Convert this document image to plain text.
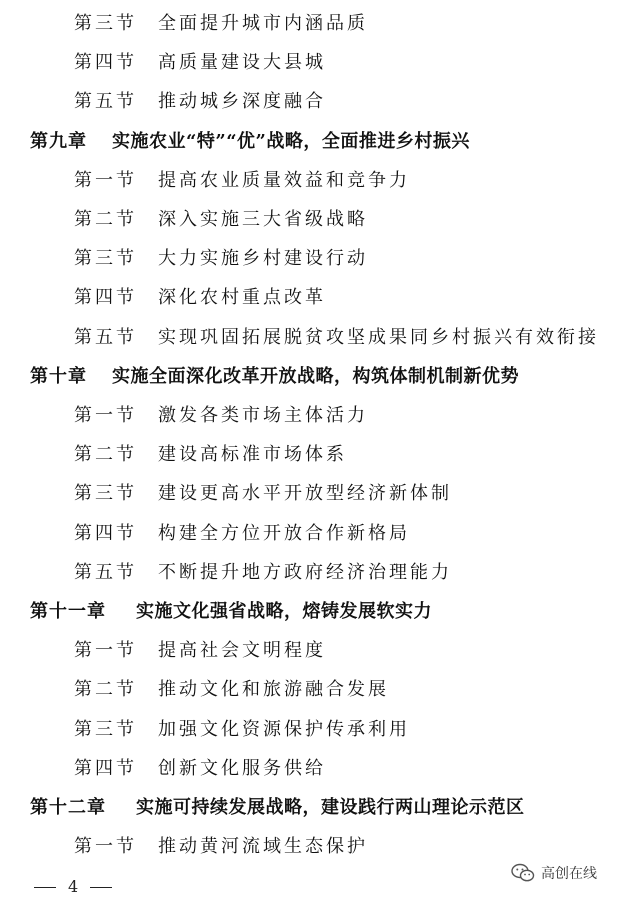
第三节 全面提升城市内涵品质
第四节 高质量建设大县城
第五节 推动城乡深度融合
第九章 实施农业“特”“优”战略，全面推进乡村振兴
第一节 提高农业质量效益和竞争力
第二节 深入实施三大省级战略
第三节 大力实施乡村建设行动
第四节 深化农村重点改革
第五节 实现巩固拓展脱贫攻坚成果同乡村振兴有效衔接
第十章 实施全面深化改革开放战略，构筑体制机制新优势
第一节 激发各类市场主体活力
第二节 建设高标准市场体系
第三节 建设更高水平开放型经济新体制
第四节 构建全方位开放合作新格局
第五节 不断提升地方政府经济治理能力
第十一章 实施文化强省战略，熔铸发展软实力
第一节 提高社会文明程度
第二节 推动文化和旅游融合发展
第三节 加强文化资源保护传承利用
第四节 创新文化服务供给
第十二章 实施可持续发展战略，建设践行两山理论示范区
第一节 推动黄河流域生态保护
4
高创在线
